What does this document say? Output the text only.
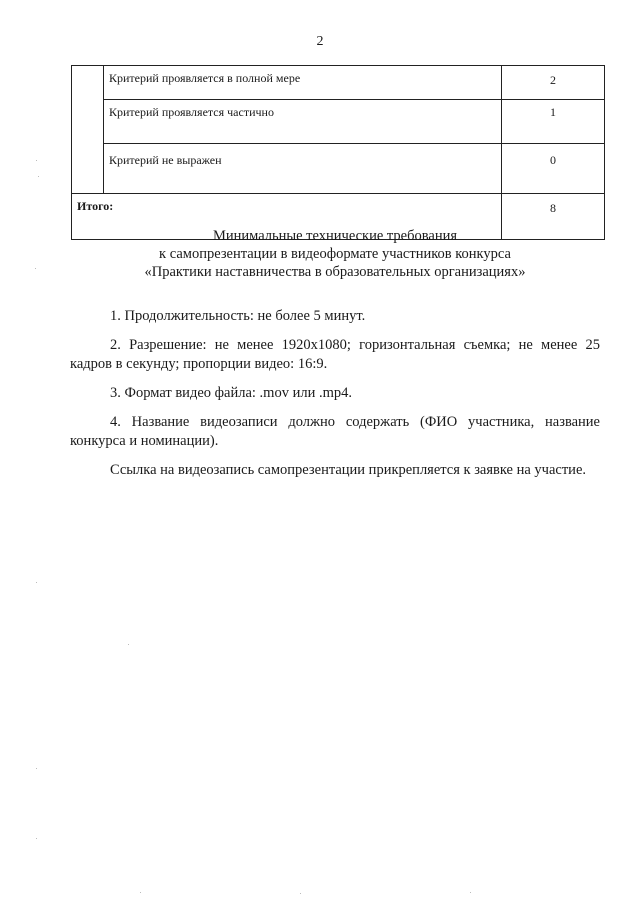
2
	Критерий проявляется в полной мере	2
	Критерий проявляется частично	1
	Критерий не выражен	0
Итого:		8
Минимальные технические требования
к самопрезентации в видеоформате участников конкурса
«Практики наставничества в образовательных организациях»

1. Продолжительность: не более 5 минут.

2. Разрешение: не менее 1920x1080; горизонтальная съемка; не менее 25 кадров в секунду; пропорции видео: 16:9.

3. Формат видео файла: .mov или .mp4.

4. Название видеозаписи должно содержать (ФИО участника, название конкурса и номинации).

Ссылка на видеозапись самопрезентации прикрепляется к заявке на участие.
